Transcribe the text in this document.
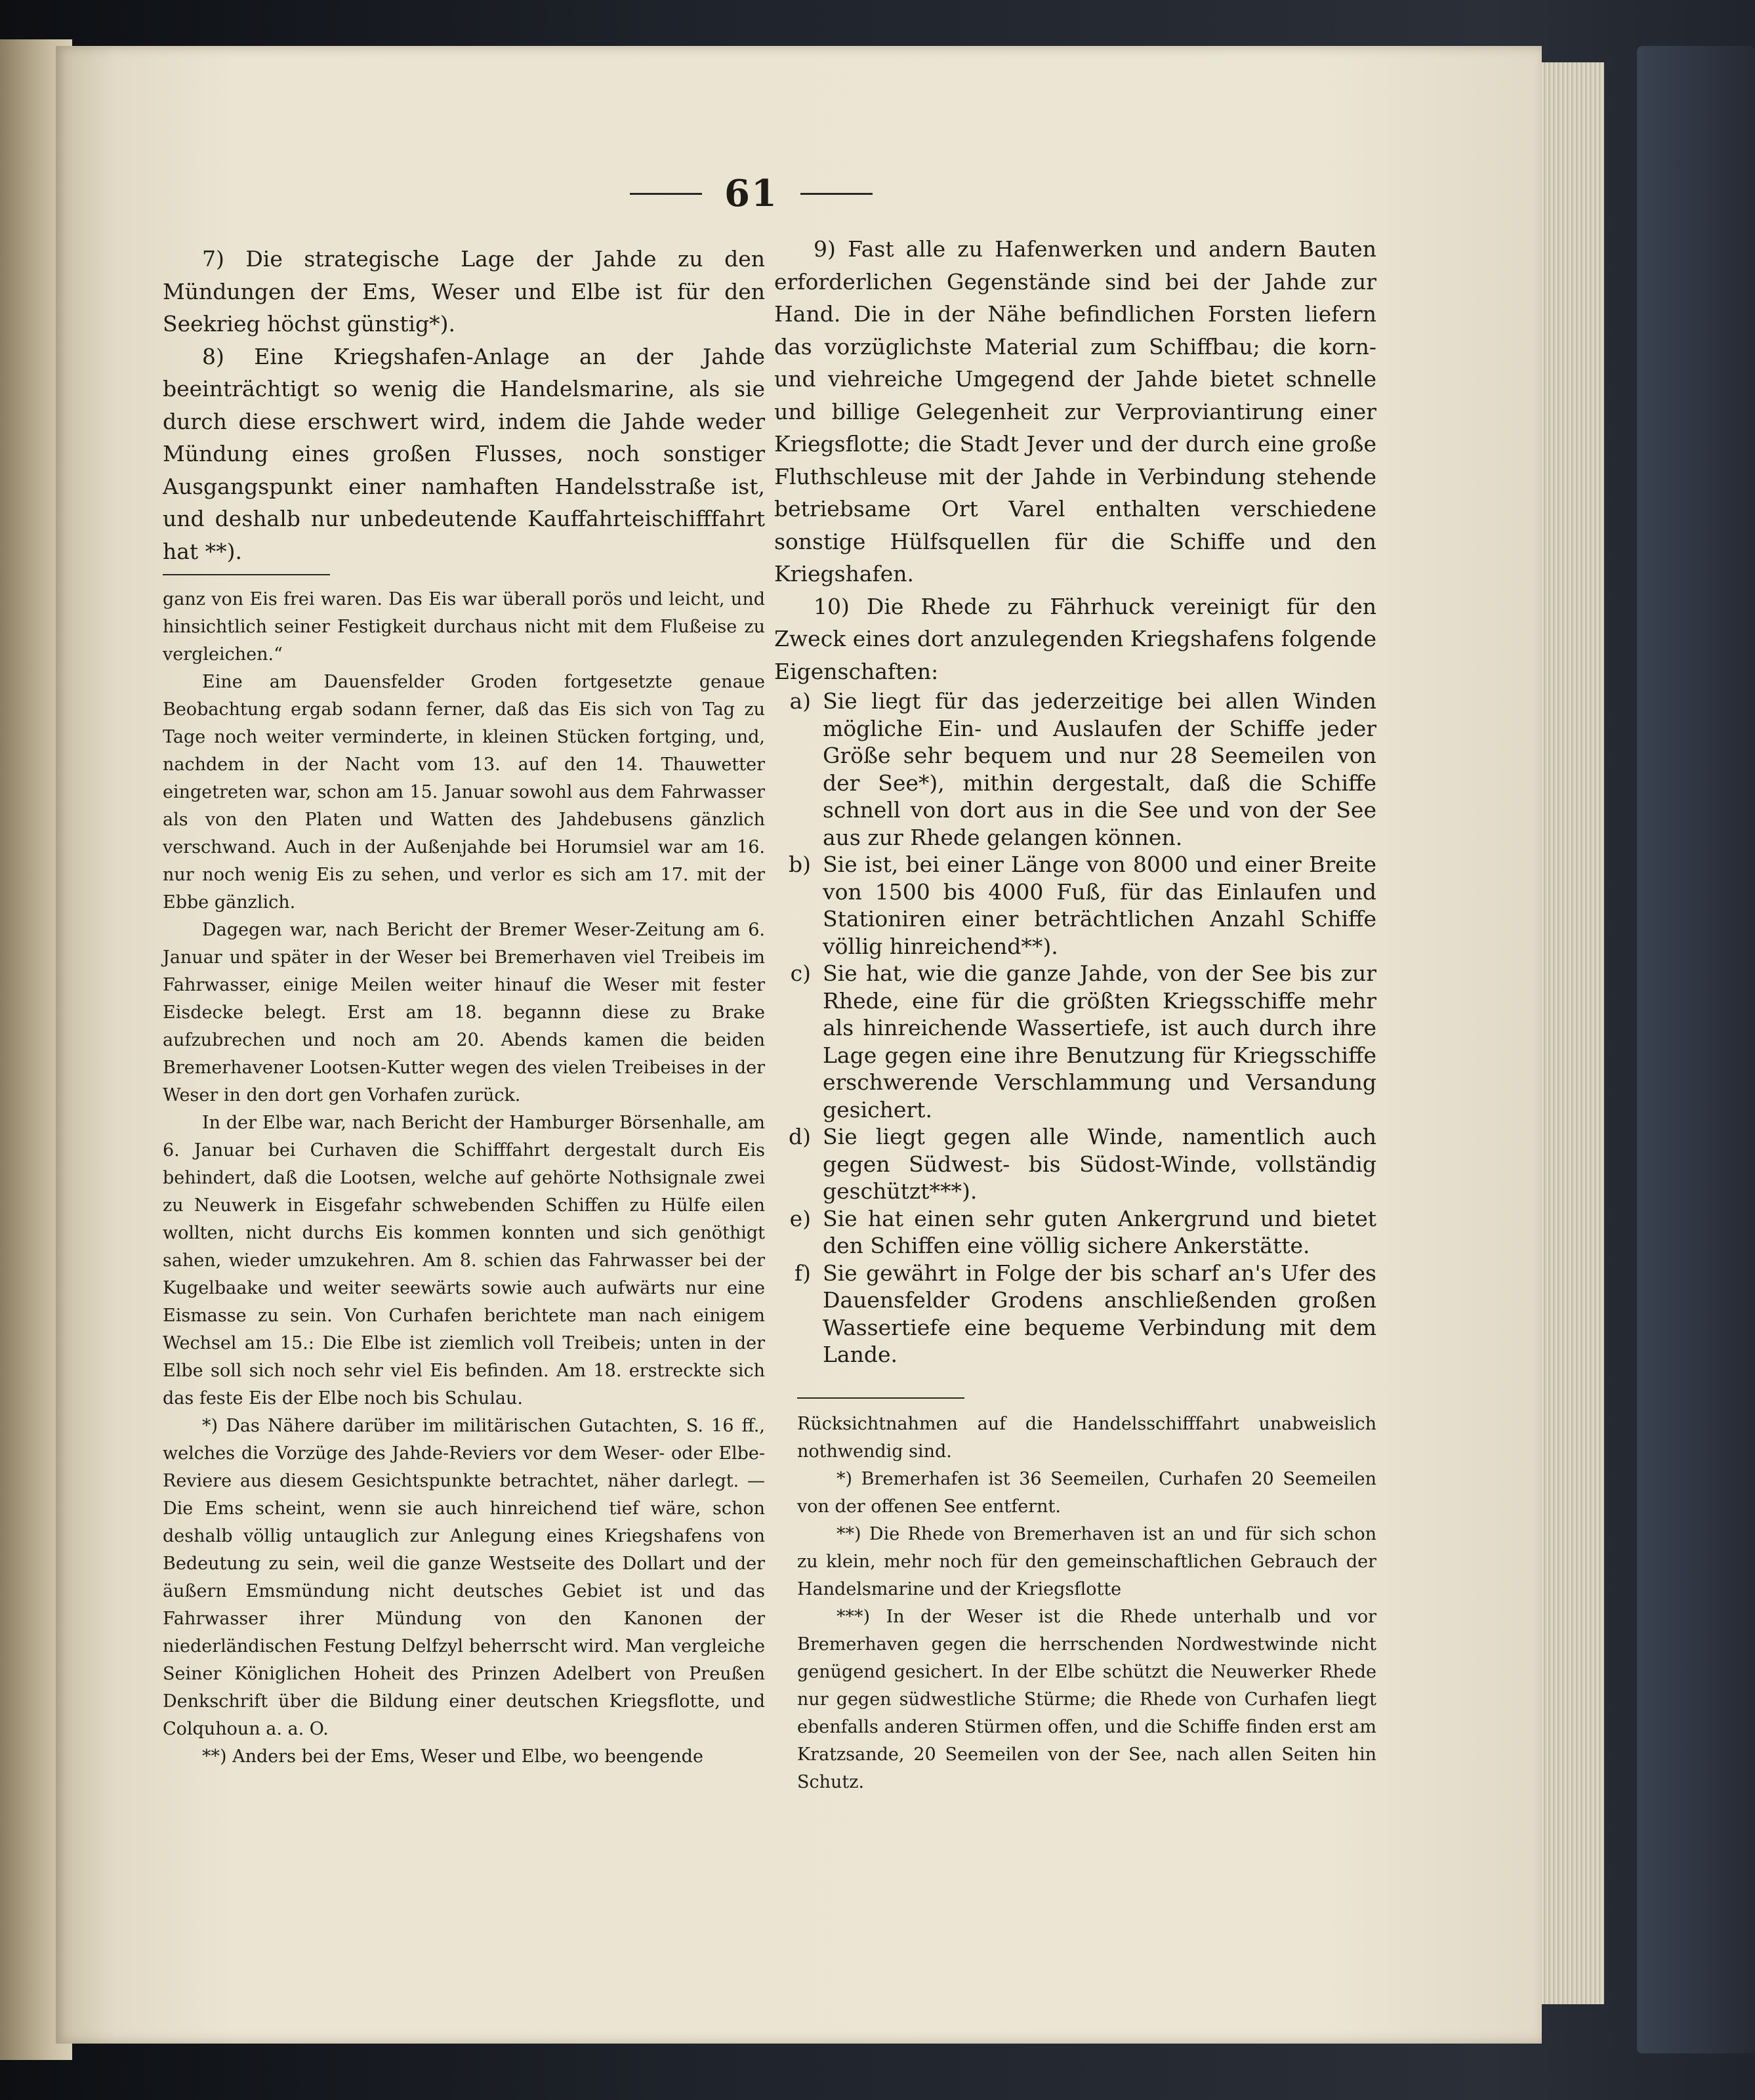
61

7) Die strategische Lage der Jahde zu den Mündungen der Ems, Weser und Elbe ist für den Seekrieg höchst günstig*).

8) Eine Kriegshafen-Anlage an der Jahde beeinträchtigt so wenig die Handelsmarine, als sie durch diese erschwert wird, indem die Jahde weder Mündung eines großen Flusses, noch sonstiger Ausgangspunkt einer namhaften Handelsstraße ist, und deshalb nur unbedeutende Kauffahrteischifffahrt hat **).

ganz von Eis frei waren. Das Eis war überall porös und leicht, und hinsichtlich seiner Festigkeit durchaus nicht mit dem Flußeise zu vergleichen.“

Eine am Dauensfelder Groden fortgesetzte genaue Beobachtung ergab sodann ferner, daß das Eis sich von Tag zu Tage noch weiter verminderte, in kleinen Stücken fortging, und, nachdem in der Nacht vom 13. auf den 14. Thauwetter eingetreten war, schon am 15. Januar sowohl aus dem Fahrwasser als von den Platen und Watten des Jahdebusens gänzlich verschwand. Auch in der Außenjahde bei Horumsiel war am 16. nur noch wenig Eis zu sehen, und verlor es sich am 17. mit der Ebbe gänzlich.

Dagegen war, nach Bericht der Bremer Weser-Zeitung am 6. Januar und später in der Weser bei Bremerhaven viel Treibeis im Fahrwasser, einige Meilen weiter hinauf die Weser mit fester Eisdecke belegt. Erst am 18. begannn diese zu Brake aufzubrechen und noch am 20. Abends kamen die beiden Bremerhavener Lootsen-Kutter wegen des vielen Treibeises in der Weser in den dort gen Vorhafen zurück.

In der Elbe war, nach Bericht der Hamburger Börsenhalle, am 6. Januar bei Curhaven die Schifffahrt dergestalt durch Eis behindert, daß die Lootsen, welche auf gehörte Nothsignale zwei zu Neuwerk in Eisgefahr schwebenden Schiffen zu Hülfe eilen wollten, nicht durchs Eis kommen konnten und sich genöthigt sahen, wieder umzukehren. Am 8. schien das Fahrwasser bei der Kugelbaake und weiter seewärts sowie auch aufwärts nur eine Eismasse zu sein. Von Curhafen berichtete man nach einigem Wechsel am 15.: Die Elbe ist ziemlich voll Treibeis; unten in der Elbe soll sich noch sehr viel Eis befinden. Am 18. erstreckte sich das feste Eis der Elbe noch bis Schulau.

*) Das Nähere darüber im militärischen Gutachten, S. 16 ff., welches die Vorzüge des Jahde-Reviers vor dem Weser- oder Elbe-Reviere aus diesem Gesichtspunkte betrachtet, näher darlegt. — Die Ems scheint, wenn sie auch hinreichend tief wäre, schon deshalb völlig untauglich zur Anlegung eines Kriegshafens von Bedeutung zu sein, weil die ganze Westseite des Dollart und der äußern Emsmündung nicht deutsches Gebiet ist und das Fahrwasser ihrer Mündung von den Kanonen der niederländischen Festung Delfzyl beherrscht wird. Man vergleiche Seiner Königlichen Hoheit des Prinzen Adelbert von Preußen Denkschrift über die Bildung einer deutschen Kriegsflotte, und Colquhoun a. a. O.

**) Anders bei der Ems, Weser und Elbe, wo beengende

9) Fast alle zu Hafenwerken und andern Bauten erforderlichen Gegenstände sind bei der Jahde zur Hand. Die in der Nähe befindlichen Forsten liefern das vorzüglichste Material zum Schiffbau; die korn- und viehreiche Umgegend der Jahde bietet schnelle und billige Gelegenheit zur Verproviantirung einer Kriegsflotte; die Stadt Jever und der durch eine große Fluthschleuse mit der Jahde in Verbindung stehende betriebsame Ort Varel enthalten verschiedene sonstige Hülfsquellen für die Schiffe und den Kriegshafen.

10) Die Rhede zu Fährhuck vereinigt für den Zweck eines dort anzulegenden Kriegshafens folgende Eigenschaften:

a) Sie liegt für das jederzeitige bei allen Winden mögliche Ein- und Auslaufen der Schiffe jeder Größe sehr bequem und nur 28 Seemeilen von der See*), mithin dergestalt, daß die Schiffe schnell von dort aus in die See und von der See aus zur Rhede gelangen können.
b) Sie ist, bei einer Länge von 8000 und einer Breite von 1500 bis 4000 Fuß, für das Einlaufen und Stationiren einer beträchtlichen Anzahl Schiffe völlig hinreichend**).
c) Sie hat, wie die ganze Jahde, von der See bis zur Rhede, eine für die größten Kriegsschiffe mehr als hinreichende Wassertiefe, ist auch durch ihre Lage gegen eine ihre Benutzung für Kriegsschiffe erschwerende Verschlammung und Versandung gesichert.
d) Sie liegt gegen alle Winde, namentlich auch gegen Südwest- bis Südost-Winde, vollständig geschützt***).
e) Sie hat einen sehr guten Ankergrund und bietet den Schiffen eine völlig sichere Ankerstätte.
f) Sie gewährt in Folge der bis scharf an's Ufer des Dauensfelder Grodens anschließenden großen Wassertiefe eine bequeme Verbindung mit dem Lande.

Rücksichtnahmen auf die Handelsschifffahrt unabweislich nothwendig sind.

*) Bremerhafen ist 36 Seemeilen, Curhafen 20 Seemeilen von der offenen See entfernt.

**) Die Rhede von Bremerhaven ist an und für sich schon zu klein, mehr noch für den gemeinschaftlichen Gebrauch der Handelsmarine und der Kriegsflotte

***) In der Weser ist die Rhede unterhalb und vor Bremerhaven gegen die herrschenden Nordwestwinde nicht genügend gesichert. In der Elbe schützt die Neuwerker Rhede nur gegen südwestliche Stürme; die Rhede von Curhafen liegt ebenfalls anderen Stürmen offen, und die Schiffe finden erst am Kratzsande, 20 Seemeilen von der See, nach allen Seiten hin Schutz.
